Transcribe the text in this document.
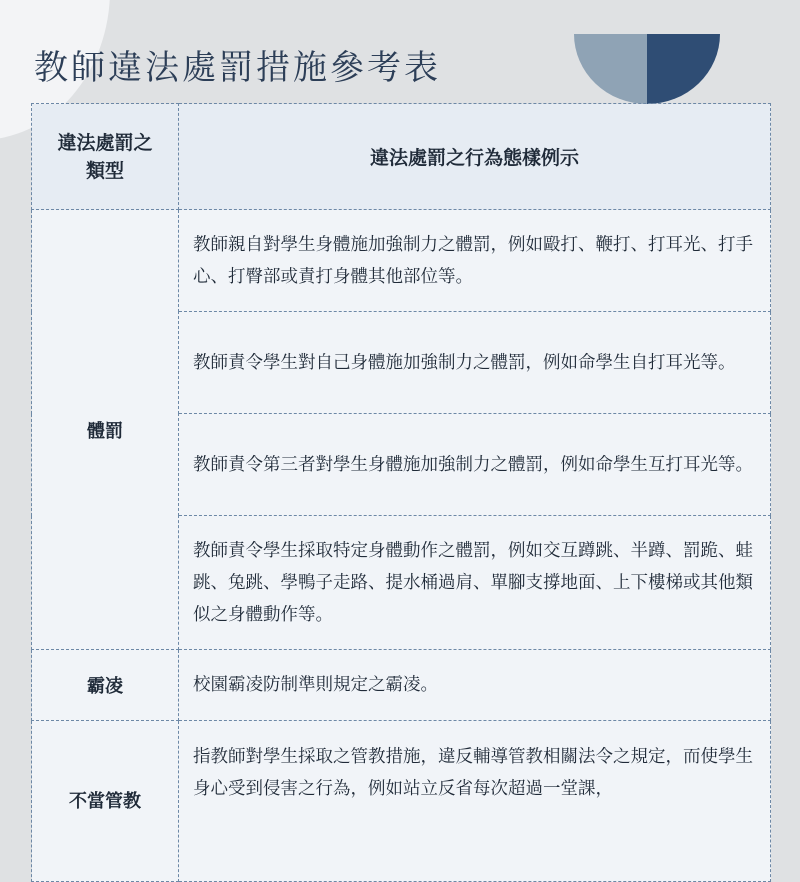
教師違法處罰措施參考表
違法處罰之類型	違法處罰之行為態樣例示
體罰	教師親自對學生身體施加強制力之體罰，例如毆打、鞭打、打耳光、打手心、打臀部或責打身體其他部位等。
	教師責令學生對自己身體施加強制力之體罰，例如命學生自打耳光等。
	教師責令第三者對學生身體施加強制力之體罰，例如命學生互打耳光等。
	教師責令學生採取特定身體動作之體罰，例如交互蹲跳、半蹲、罰跪、蛙跳、兔跳、學鴨子走路、提水桶過肩、單腳支撐地面、上下樓梯或其他類似之身體動作等。
霸凌	校園霸凌防制準則規定之霸凌。
不當管教	指教師對學生採取之管教措施，違反輔導管教相關法令之規定，而使學生身心受到侵害之行為，例如站立反省每次超過一堂課，
